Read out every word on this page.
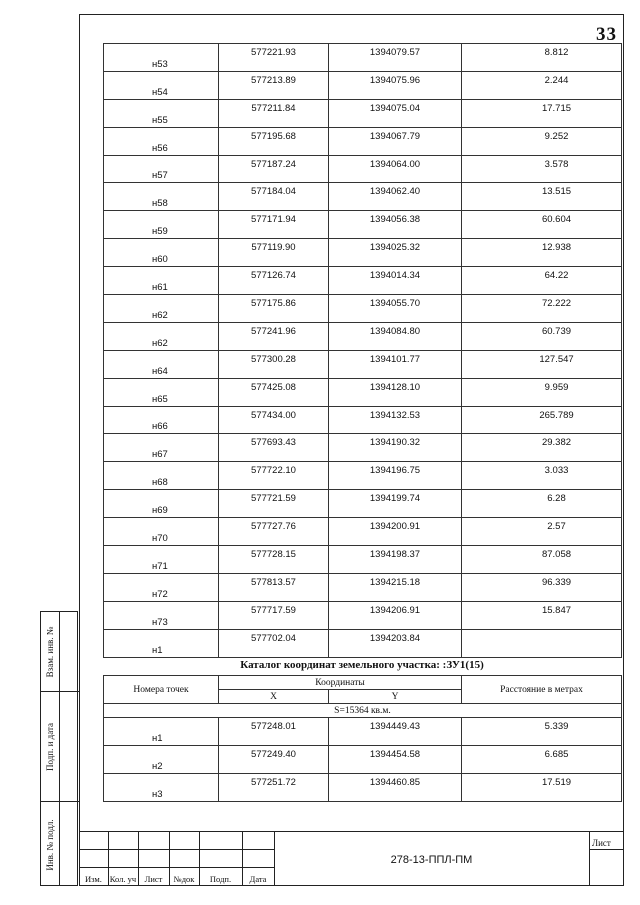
33
н53	577221.93	1394079.57	8.812
н54	577213.89	1394075.96	2.244
н55	577211.84	1394075.04	17.715
н56	577195.68	1394067.79	9.252
н57	577187.24	1394064.00	3.578
н58	577184.04	1394062.40	13.515
н59	577171.94	1394056.38	60.604
н60	577119.90	1394025.32	12.938
н61	577126.74	1394014.34	64.22
н62	577175.86	1394055.70	72.222
н62	577241.96	1394084.80	60.739
н64	577300.28	1394101.77	127.547
н65	577425.08	1394128.10	9.959
н66	577434.00	1394132.53	265.789
н67	577693.43	1394190.32	29.382
н68	577722.10	1394196.75	3.033
н69	577721.59	1394199.74	6.28
н70	577727.76	1394200.91	2.57
н71	577728.15	1394198.37	87.058
н72	577813.57	1394215.18	96.339
н73	577717.59	1394206.91	15.847
н1	577702.04	1394203.84	
Каталог координат земельного участка: :ЗУ1(15)
Номера точек	Координаты		Расстояние в метрах
	X	Y	
S=15364 кв.м.			
н1	577248.01	1394449.43	5.339
н2	577249.40	1394454.58	6.685
н3	577251.72	1394460.85	17.519
Взам. инв. №
Подп. и дата
Инв. № подл.
Изм. Кол. уч Лист	№док	Подп.	Дата
278-13-ППЛ-ПМ
Лист
